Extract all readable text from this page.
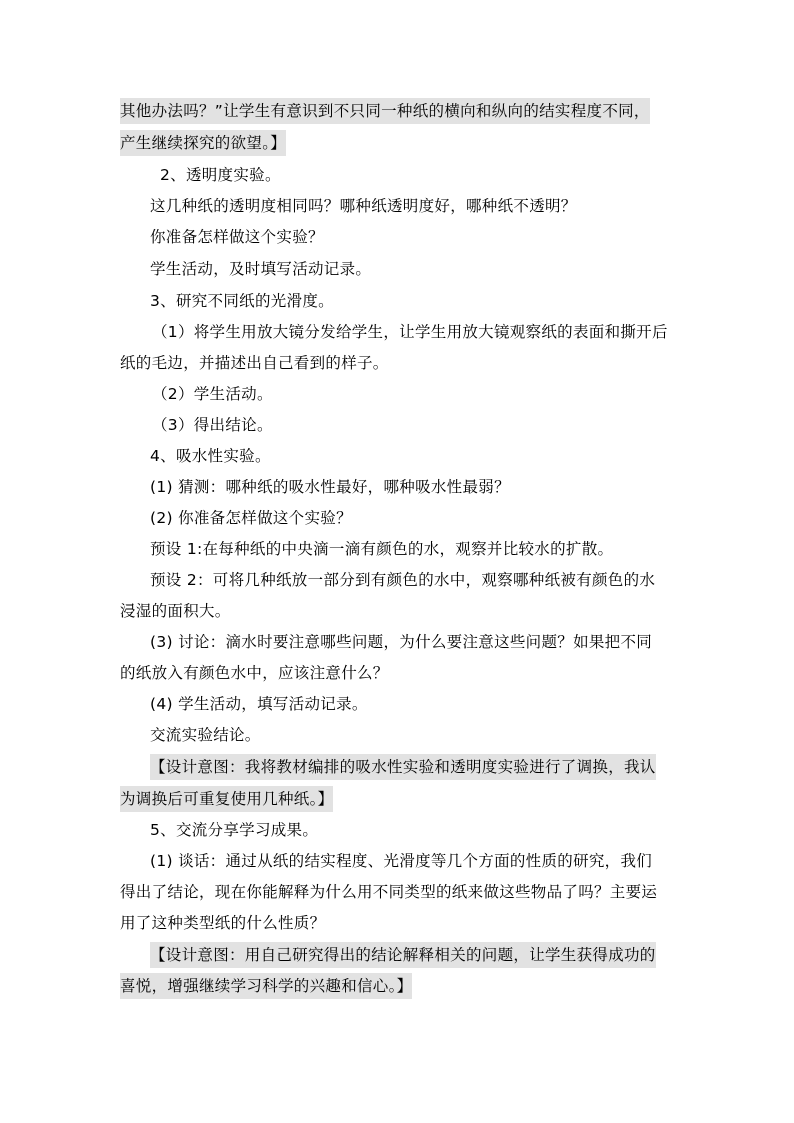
其他办法吗？”让学生有意识到不只同一种纸的横向和纵向的结实程度不同，
产生继续探究的欲望。】
2、透明度实验。
这几种纸的透明度相同吗？哪种纸透明度好，哪种纸不透明？
你准备怎样做这个实验？
学生活动，及时填写活动记录。
3、研究不同纸的光滑度。
（1）将学生用放大镜分发给学生，让学生用放大镜观察纸的表面和撕开后
纸的毛边，并描述出自己看到的样子。
（2）学生活动。
（3）得出结论。
4、吸水性实验。
(1) 猜测：哪种纸的吸水性最好，哪种吸水性最弱？
(2) 你准备怎样做这个实验？
预设 1:在每种纸的中央滴一滴有颜色的水，观察并比较水的扩散。
预设 2：可将几种纸放一部分到有颜色的水中，观察哪种纸被有颜色的水
浸湿的面积大。
(3) 讨论：滴水时要注意哪些问题，为什么要注意这些问题？如果把不同
的纸放入有颜色水中，应该注意什么？
(4) 学生活动，填写活动记录。
交流实验结论。
【设计意图：我将教材编排的吸水性实验和透明度实验进行了调换，我认
为调换后可重复使用几种纸。】
5、交流分享学习成果。
(1) 谈话：通过从纸的结实程度、光滑度等几个方面的性质的研究，我们
得出了结论，现在你能解释为什么用不同类型的纸来做这些物品了吗？主要运
用了这种类型纸的什么性质？
【设计意图：用自己研究得出的结论解释相关的问题，让学生获得成功的
喜悦，增强继续学习科学的兴趣和信心。】
